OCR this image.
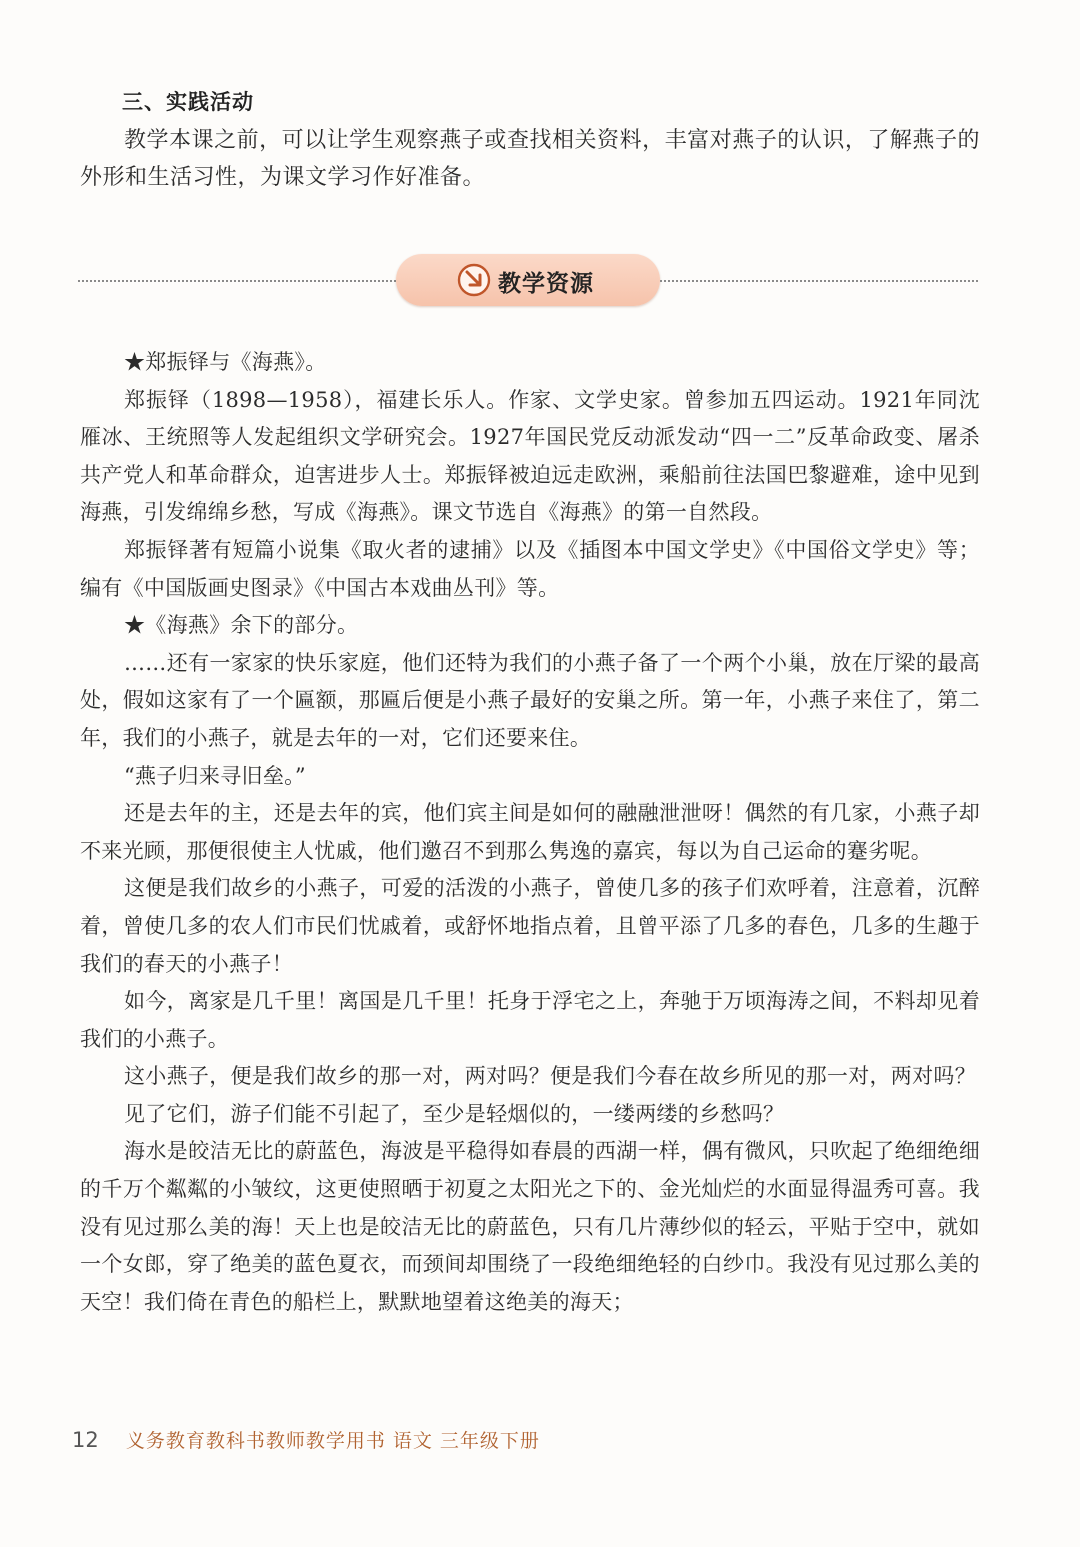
三、实践活动
教学本课之前，可以让学生观察燕子或查找相关资料，丰富对燕子的认识，了解燕子的外形和生活习性，为课文学习作好准备。
教学资源

★郑振铎与《海燕》。

郑振铎（1898—1958），福建长乐人。作家、文学史家。曾参加五四运动。1921年同沈雁冰、王统照等人发起组织文学研究会。1927年国民党反动派发动“四一二”反革命政变、屠杀共产党人和革命群众，迫害进步人士。郑振铎被迫远走欧洲，乘船前往法国巴黎避难，途中见到海燕，引发绵绵乡愁，写成《海燕》。课文节选自《海燕》的第一自然段。

郑振铎著有短篇小说集《取火者的逮捕》以及《插图本中国文学史》《中国俗文学史》等；编有《中国版画史图录》《中国古本戏曲丛刊》等。

★《海燕》余下的部分。

……还有一家家的快乐家庭，他们还特为我们的小燕子备了一个两个小巢，放在厅梁的最高处，假如这家有了一个匾额，那匾后便是小燕子最好的安巢之所。第一年，小燕子来住了，第二年，我们的小燕子，就是去年的一对，它们还要来住。

“燕子归来寻旧垒。”

还是去年的主，还是去年的宾，他们宾主间是如何的融融泄泄呀！偶然的有几家，小燕子却不来光顾，那便很使主人忧戚，他们邀召不到那么隽逸的嘉宾，每以为自己运命的蹇劣呢。

这便是我们故乡的小燕子，可爱的活泼的小燕子，曾使几多的孩子们欢呼着，注意着，沉醉着，曾使几多的农人们市民们忧戚着，或舒怀地指点着，且曾平添了几多的春色，几多的生趣于我们的春天的小燕子！

如今，离家是几千里！离国是几千里！托身于浮宅之上，奔驰于万顷海涛之间，不料却见着我们的小燕子。

这小燕子，便是我们故乡的那一对，两对吗？便是我们今春在故乡所见的那一对，两对吗？

见了它们，游子们能不引起了，至少是轻烟似的，一缕两缕的乡愁吗？

海水是皎洁无比的蔚蓝色，海波是平稳得如春晨的西湖一样，偶有微风，只吹起了绝细绝细的千万个粼粼的小皱纹，这更使照晒于初夏之太阳光之下的、金光灿烂的水面显得温秀可喜。我没有见过那么美的海！天上也是皎洁无比的蔚蓝色，只有几片薄纱似的轻云，平贴于空中，就如一个女郎，穿了绝美的蓝色夏衣，而颈间却围绕了一段绝细绝轻的白纱巾。我没有见过那么美的天空！我们倚在青色的船栏上，默默地望着这绝美的海天；

12 义务教育教科书教师教学用书 语文 三年级下册
